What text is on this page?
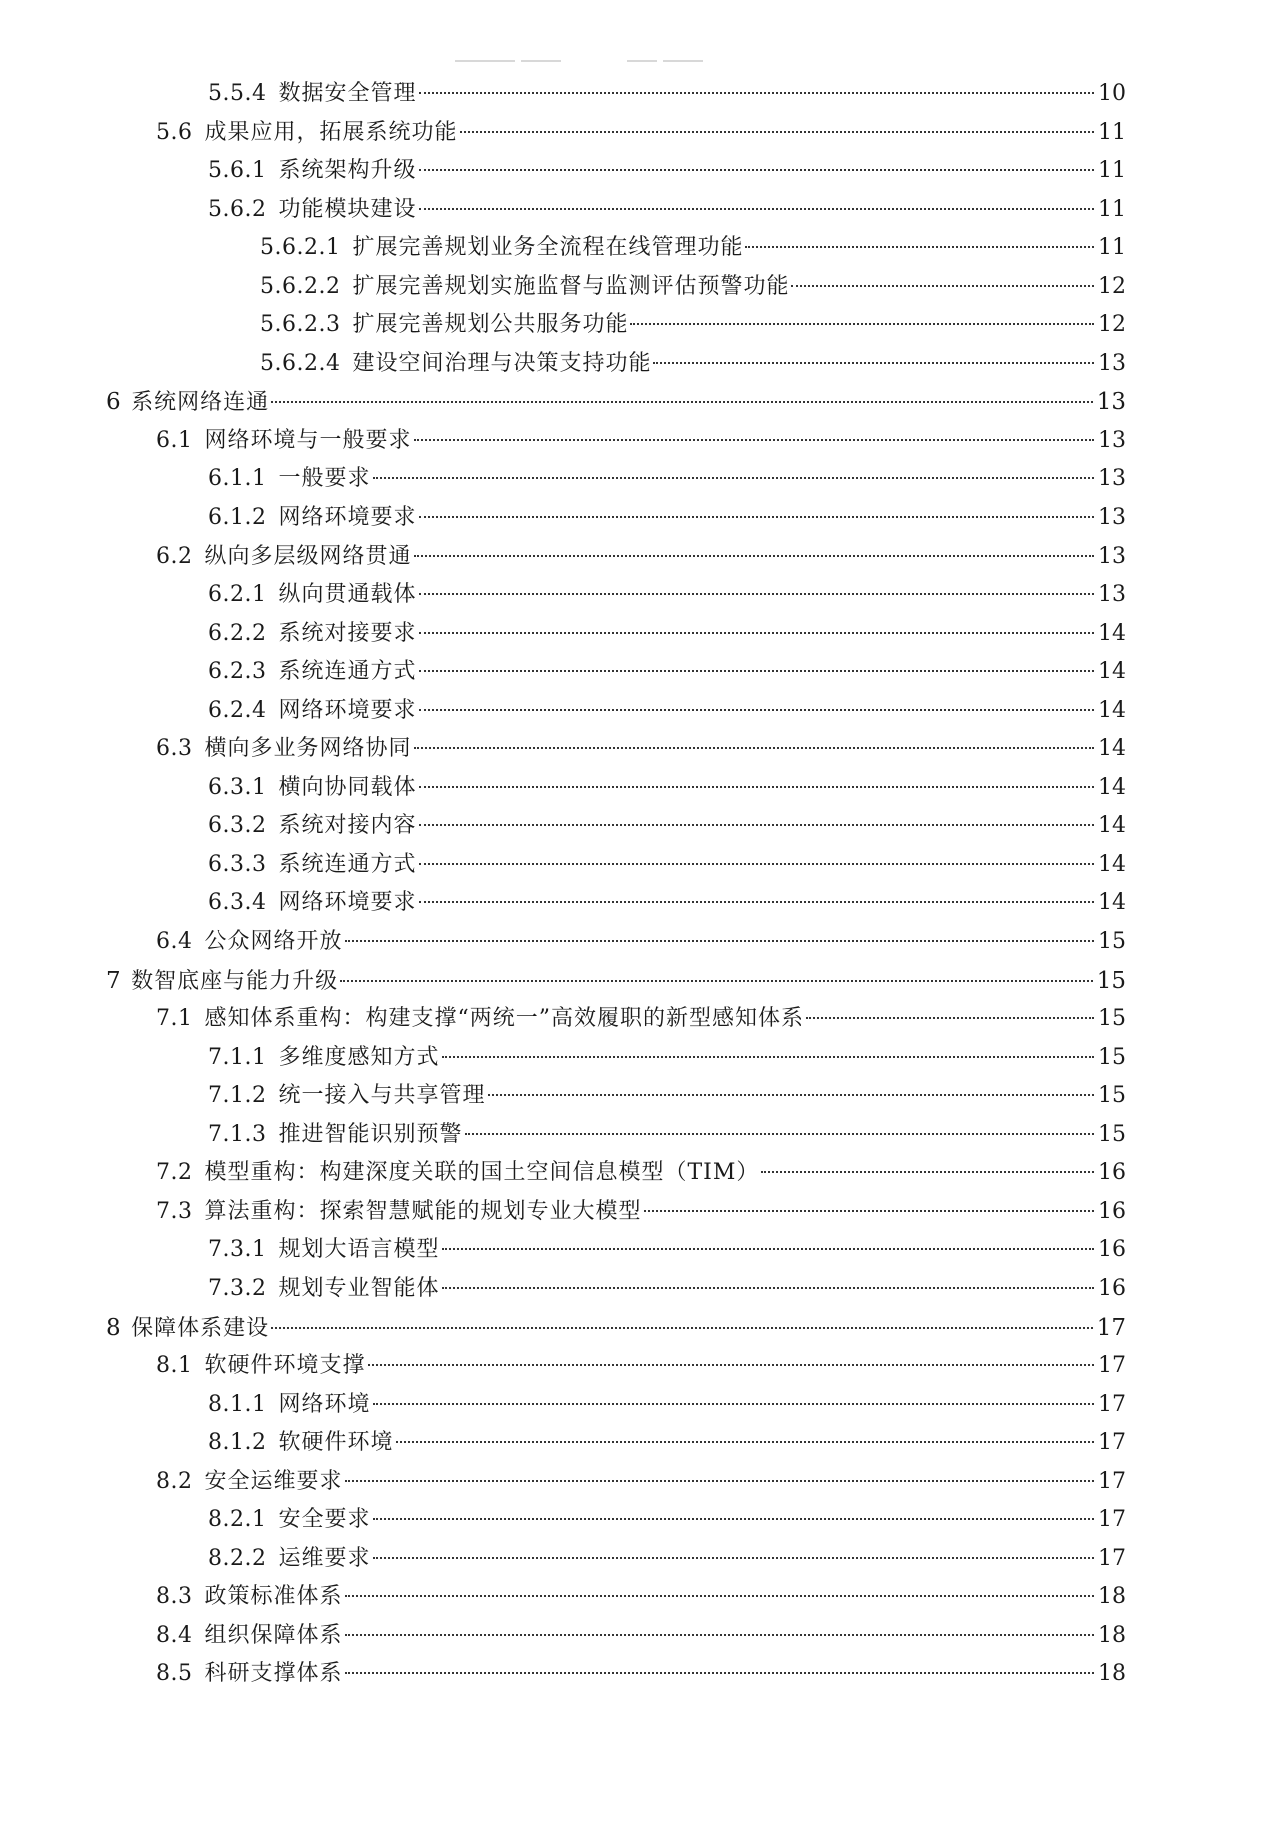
5.5.4 数据安全管理	10
5.6 成果应用，拓展系统功能	11
5.6.1 系统架构升级	11
5.6.2 功能模块建设	11
5.6.2.1 扩展完善规划业务全流程在线管理功能	11
5.6.2.2 扩展完善规划实施监督与监测评估预警功能	12
5.6.2.3 扩展完善规划公共服务功能	12
5.6.2.4 建设空间治理与决策支持功能	13
6 系统网络连通	13
6.1 网络环境与一般要求	13
6.1.1 一般要求	13
6.1.2 网络环境要求	13
6.2 纵向多层级网络贯通	13
6.2.1 纵向贯通载体	13
6.2.2 系统对接要求	14
6.2.3 系统连通方式	14
6.2.4 网络环境要求	14
6.3 横向多业务网络协同	14
6.3.1 横向协同载体	14
6.3.2 系统对接内容	14
6.3.3 系统连通方式	14
6.3.4 网络环境要求	14
6.4 公众网络开放	15
7 数智底座与能力升级	15
7.1 感知体系重构：构建支撑“两统一”高效履职的新型感知体系	15
7.1.1 多维度感知方式	15
7.1.2 统一接入与共享管理	15
7.1.3 推进智能识别预警	15
7.2 模型重构：构建深度关联的国土空间信息模型（TIM）	16
7.3 算法重构：探索智慧赋能的规划专业大模型	16
7.3.1 规划大语言模型	16
7.3.2 规划专业智能体	16
8 保障体系建设	17
8.1 软硬件环境支撑	17
8.1.1 网络环境	17
8.1.2 软硬件环境	17
8.2 安全运维要求	17
8.2.1 安全要求	17
8.2.2 运维要求	17
8.3 政策标准体系	18
8.4 组织保障体系	18
8.5 科研支撑体系	18
